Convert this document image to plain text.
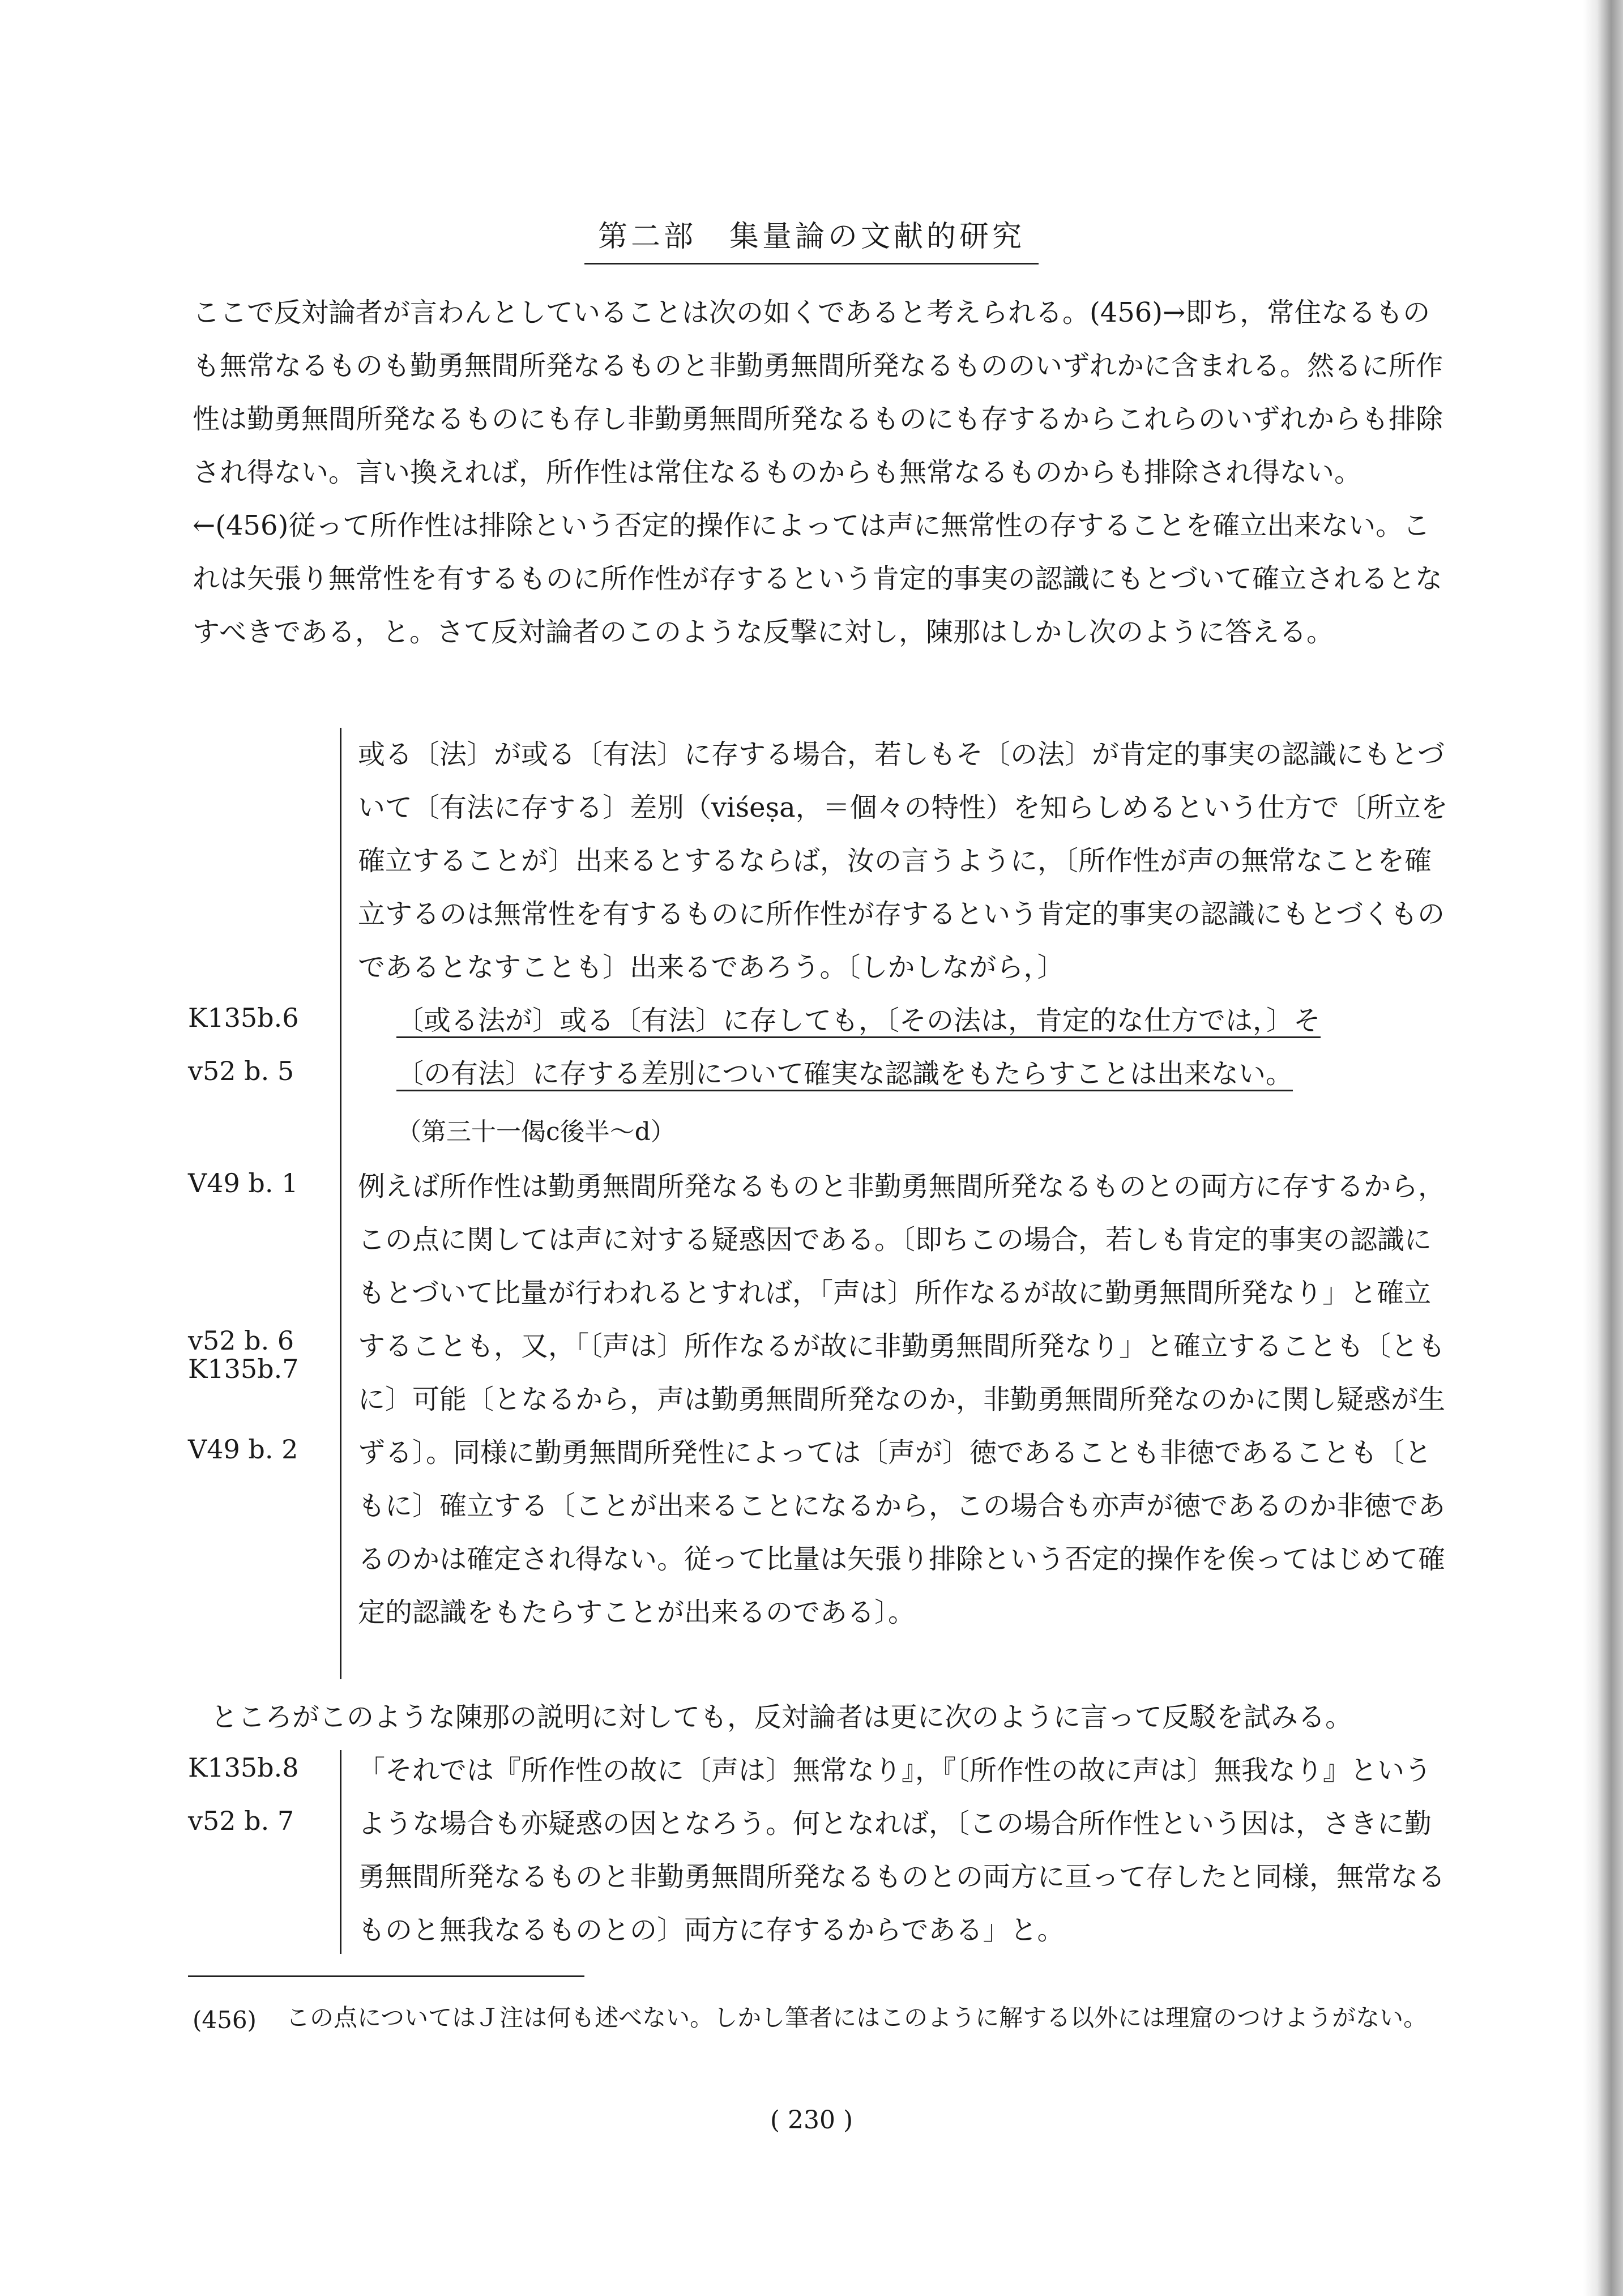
第二部　集量論の文献的研究

ここで反対論者が言わんとしていることは次の如くであると考えられる。(456)→即ち，常住なるものも無常なるものも勤勇無間所発なるものと非勤勇無間所発なるもののいずれかに含まれる。然るに所作性は勤勇無間所発なるものにも存し非勤勇無間所発なるものにも存するからこれらのいずれからも排除され得ない。言い換えれば，所作性は常住なるものからも無常なるものからも排除され得ない。←(456)従って所作性は排除という否定的操作によっては声に無常性の存することを確立出来ない。これは矢張り無常性を有するものに所作性が存するという肯定的事実の認識にもとづいて確立されるとなすべきである，と。さて反対論者のこのような反撃に対し，陳那はしかし次のように答える。

或る〔法〕が或る〔有法〕に存する場合，若しもそ〔の法〕が肯定的事実の認識にもとづいて〔有法に存する〕差別（viśeṣa，＝個々の特性）を知らしめるという仕方で〔所立を確立することが〕出来るとするならば，汝の言うように，〔所作性が声の無常なことを確立するのは無常性を有するものに所作性が存するという肯定的事実の認識にもとづくものであるとなすことも〕出来るであろう。〔しかしながら，〕

K135b.6
v52 b. 5

〔或る法が〕或る〔有法〕に存しても，〔その法は，肯定的な仕方では，〕そ

〔の有法〕に存する差別について確実な認識をもたらすことは出来ない。

（第三十一偈c後半～d）
V49 b. 1
v52 b. 6
K135b.7
V49 b. 2

例えば所作性は勤勇無間所発なるものと非勤勇無間所発なるものとの両方に存するから，この点に関しては声に対する疑惑因である。〔即ちこの場合，若しも肯定的事実の認識にもとづいて比量が行われるとすれば，「声は〕所作なるが故に勤勇無間所発なり」と確立することも，又，「〔声は〕所作なるが故に非勤勇無間所発なり」と確立することも〔ともに〕可能〔となるから，声は勤勇無間所発なのか，非勤勇無間所発なのかに関し疑惑が生ずる〕。同様に勤勇無間所発性によっては〔声が〕徳であることも非徳であることも〔ともに〕確立する〔ことが出来ることになるから，この場合も亦声が徳であるのか非徳であるのかは確定され得ない。従って比量は矢張り排除という否定的操作を俟ってはじめて確定的認識をもたらすことが出来るのである〕。

ところがこのような陳那の説明に対しても，反対論者は更に次のように言って反駁を試みる。

K135b.8
v52 b. 7

「それでは『所作性の故に〔声は〕無常なり』，『〔所作性の故に声は〕無我なり』というような場合も亦疑惑の因となろう。何となれば，〔この場合所作性という因は，さきに勤勇無間所発なるものと非勤勇無間所発なるものとの両方に亘って存したと同様，無常なるものと無我なるものとの〕両方に存するからである」と。

(456) この点についてはＪ注は何も述べない。しかし筆者にはこのように解する以外には理窟のつけようがない。
( 230 )
